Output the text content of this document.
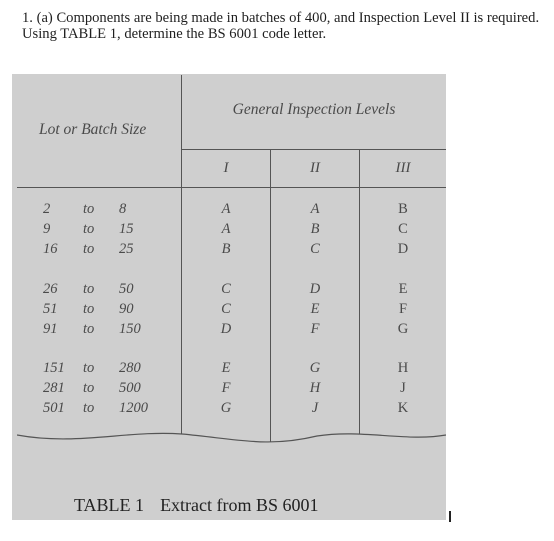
1. (a) Components are being made in batches of 400, and Inspection Level II is required. Using TABLE 1, determine the BS 6001 code letter.
Lot or Batch Size
General Inspection Levels
I	II	III
2	to 8	A	A	B
9	to 15	A	B	C
16	to 25	B	C	D
26	to 50	C	D	E
51	to 90	C	E	F
91	to 150	D	F	G
151 to 280	E	G	H
281 to 500	F	H	J
501 to 1200	G	J	K
TABLE 1 Extract from BS 6001
